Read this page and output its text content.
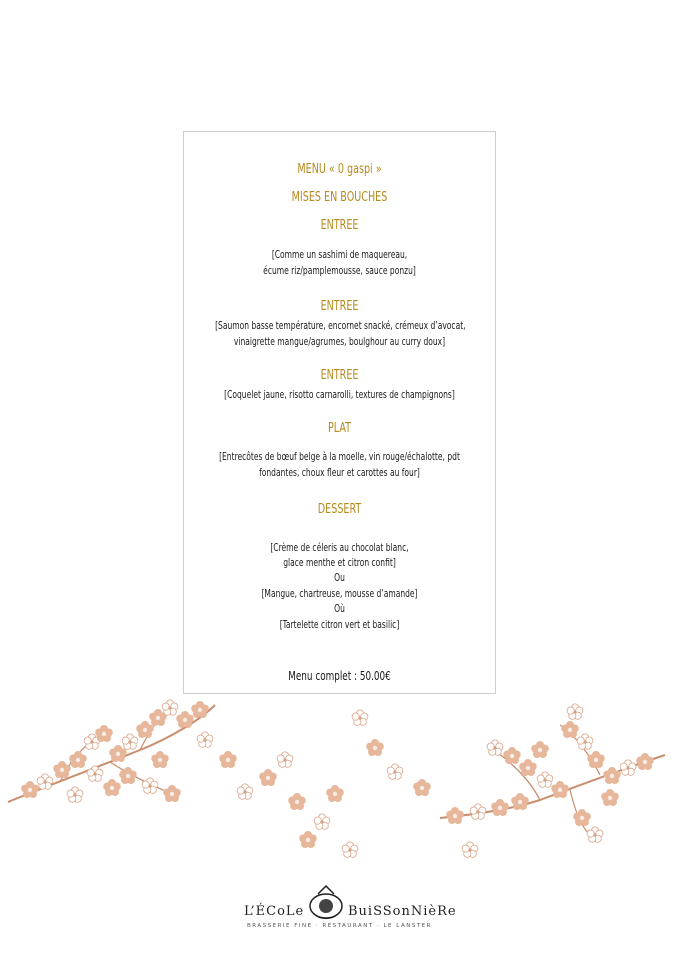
MENU « 0 gaspi »
MISES EN BOUCHES
ENTREE
[Comme un sashimi de maquereau,
écume riz/pamplemousse, sauce ponzu]
ENTREE
[Saumon basse température, encornet snacké, crémeux d’avocat,
vinaigrette mangue/agrumes, boulghour au curry doux]
ENTREE
[Coquelet jaune, risotto carnarolli, textures de champignons]
PLAT
[Entrecôtes de bœuf belge à la moelle, vin rouge/échalotte, pdt
fondantes, choux fleur et carottes au four]
DESSERT
[Crème de céleris au chocolat blanc,
glace menthe et citron confit]
Ou
[Mangue, chartreuse, mousse d’amande]
Où
[Tartelette citron vert et basilic]
Menu complet : 50.00€
L’ÉCoLe	BuiSSonNièRe
BRASSERIE FINE · RESTAURANT · LE LANSTER
